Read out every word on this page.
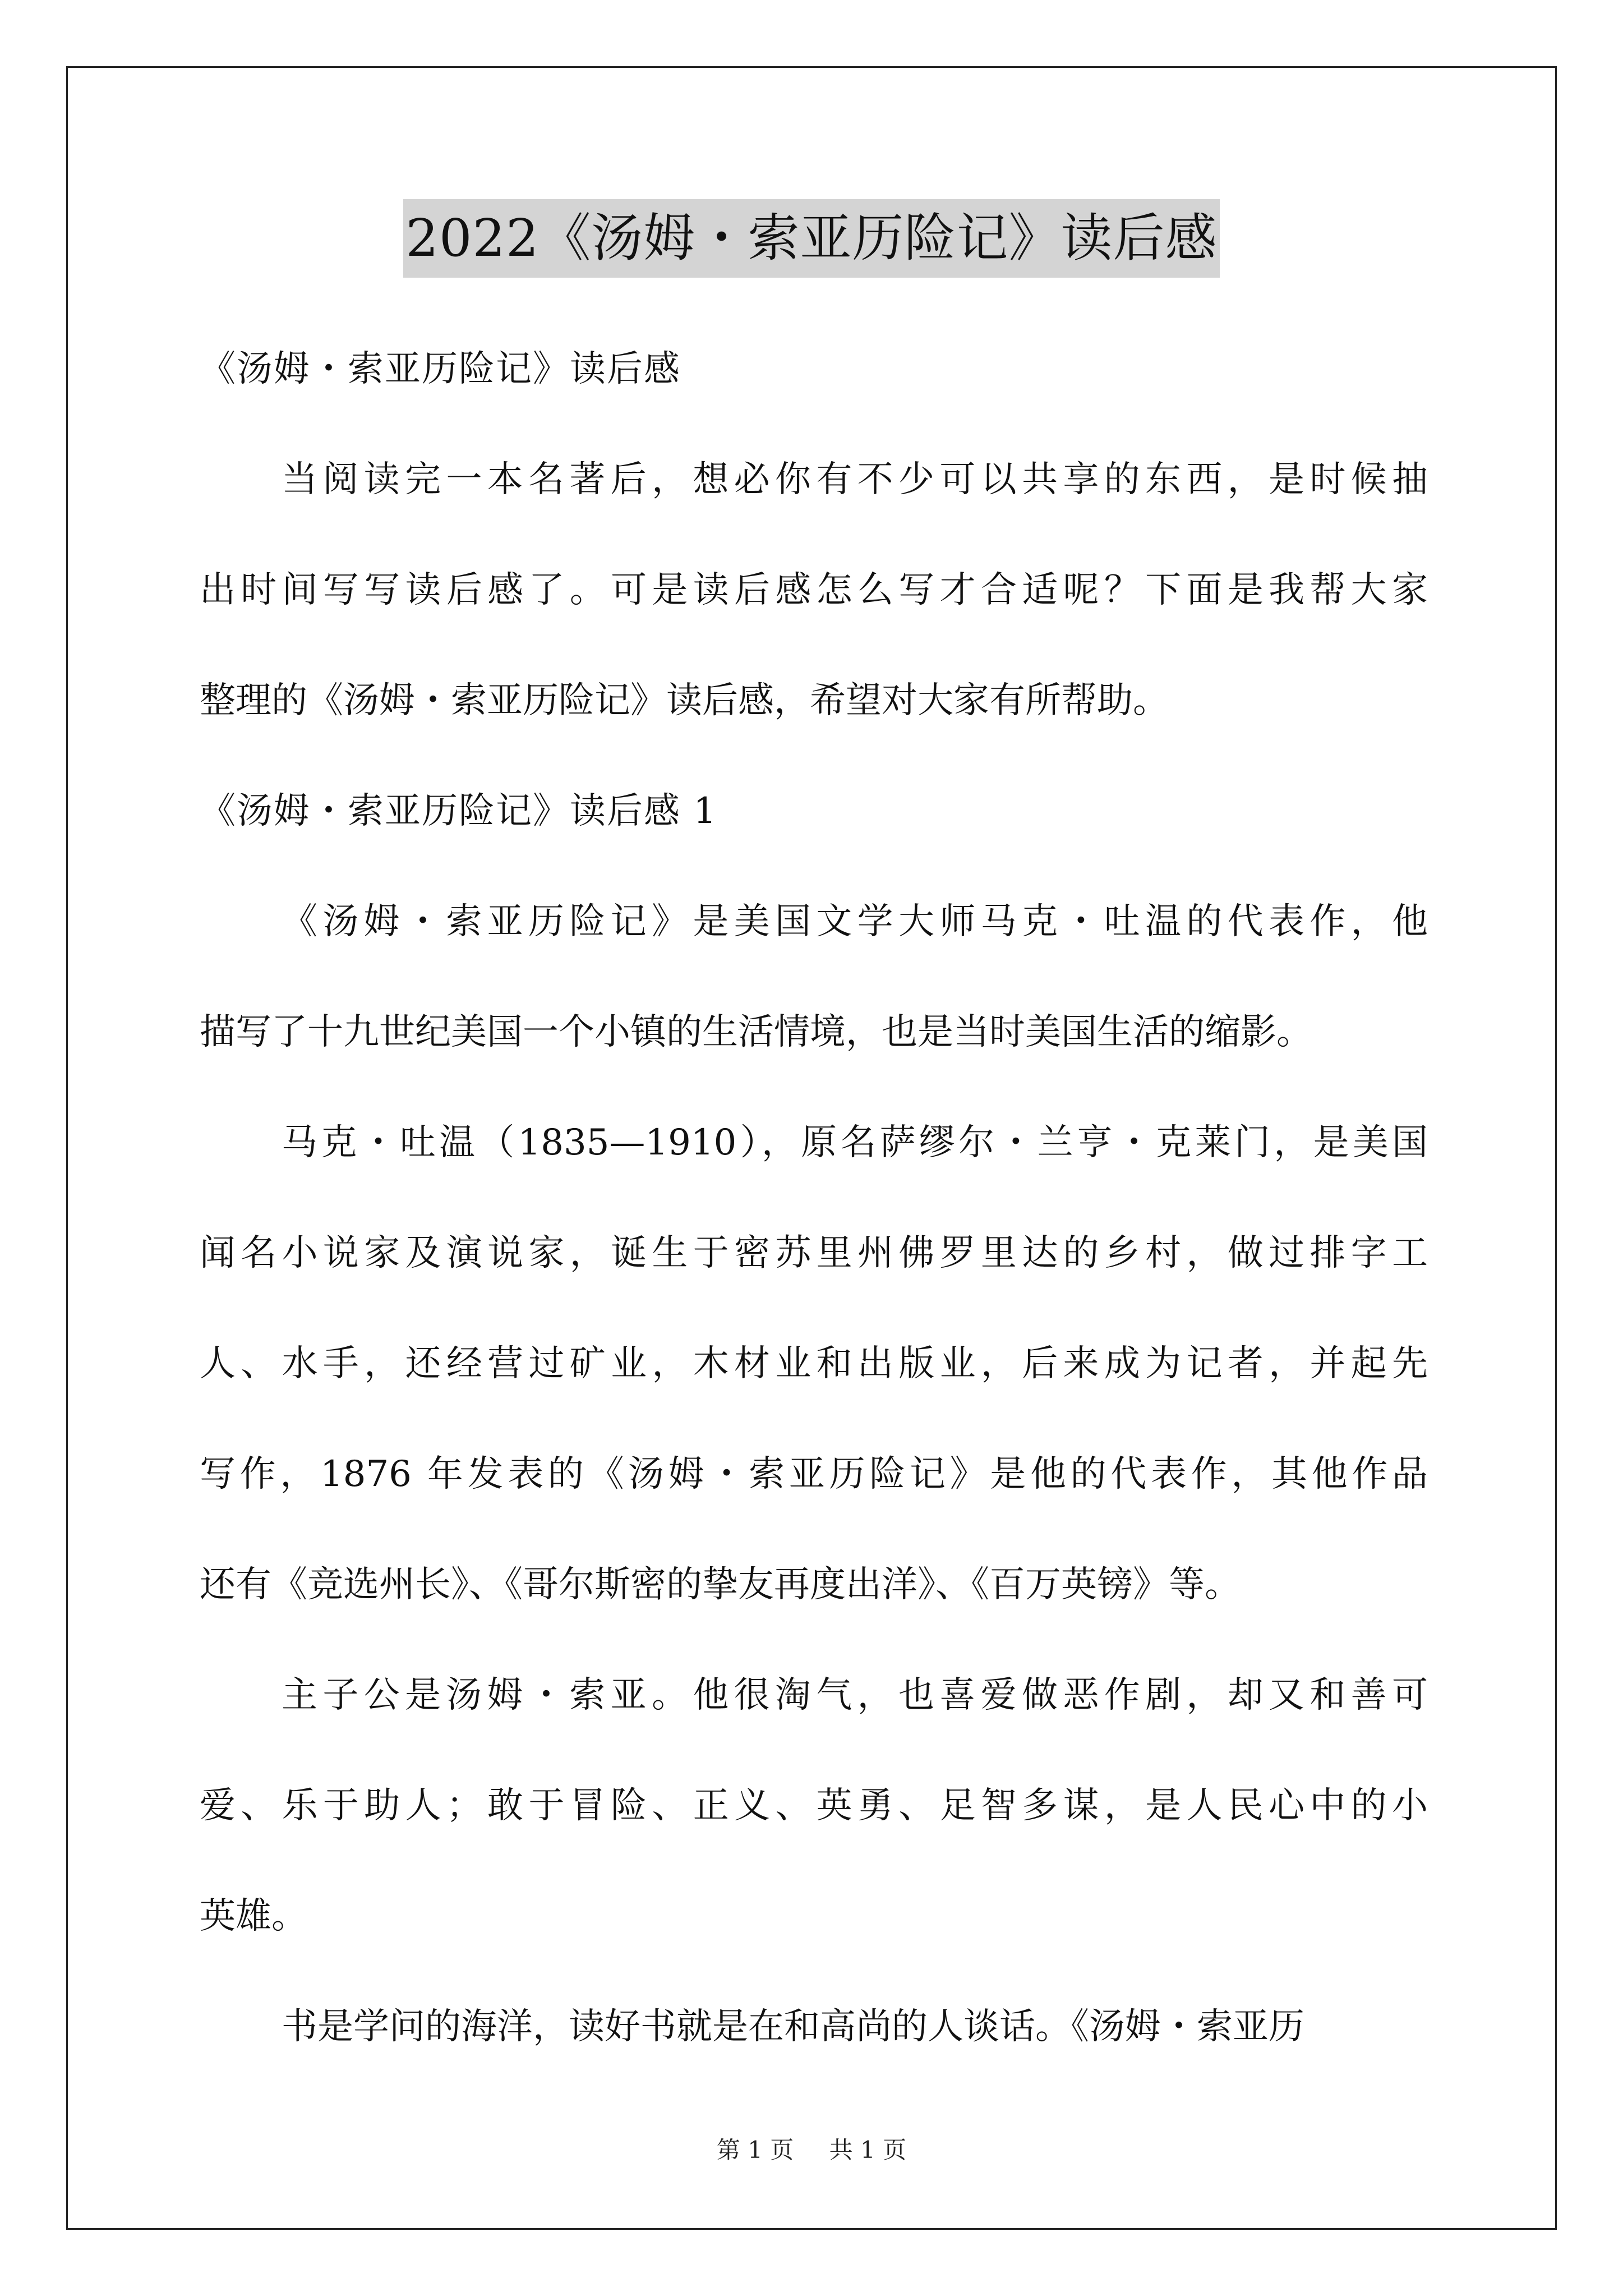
2022《汤姆・索亚历险记》读后感
《汤姆・索亚历险记》读后感
当阅读完一本名著后，想必你有不少可以共享的东西，是时候抽
出时间写写读后感了。可是读后感怎么写才合适呢？下面是我帮大家
整理的《汤姆・索亚历险记》读后感，希望对大家有所帮助。
《汤姆・索亚历险记》读后感 1
《汤姆・索亚历险记》是美国文学大师马克・吐温的代表作，他
描写了十九世纪美国一个小镇的生活情境，也是当时美国生活的缩影。
马克・吐温（1835—1910），原名萨缪尔・兰亨・克莱门，是美国
闻名小说家及演说家，诞生于密苏里州佛罗里达的乡村，做过排字工
人、水手，还经营过矿业，木材业和出版业，后来成为记者，并起先
写作，1876 年发表的《汤姆・索亚历险记》是他的代表作，其他作品
还有《竞选州长》、《哥尔斯密的挚友再度出洋》、《百万英镑》等。
主子公是汤姆・索亚。他很淘气，也喜爱做恶作剧，却又和善可
爱、乐于助人；敢于冒险、正义、英勇、足智多谋，是人民心中的小
英雄。
书是学问的海洋，读好书就是在和高尚的人谈话。《汤姆・索亚历
第 1 页 共 1 页
